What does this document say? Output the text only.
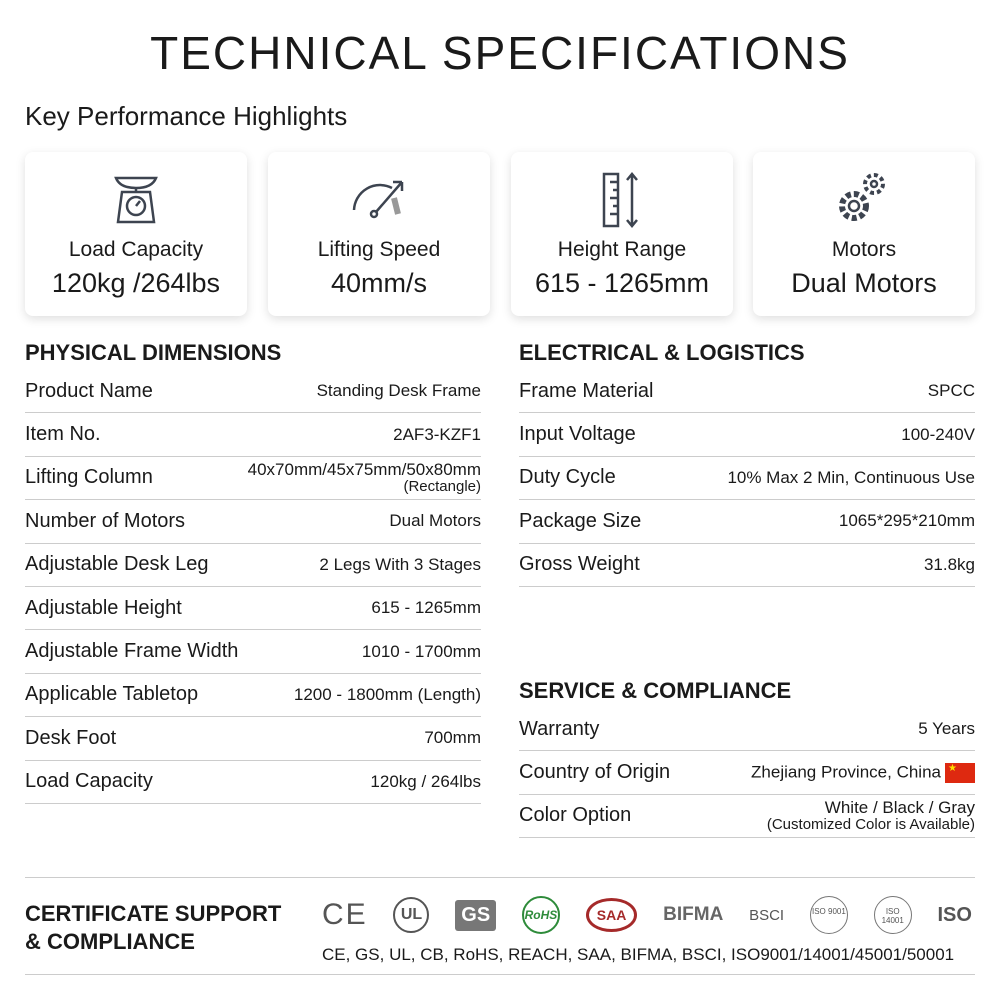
TECHNICAL SPECIFICATIONS
Key Performance Highlights
Load Capacity
120kg /264lbs
Lifting Speed
40mm/s
Height Range
615 - 1265mm
Motors
Dual Motors
PHYSICAL DIMENSIONS
Product Name	Standing Desk Frame
Item No.	2AF3-KZF1
Lifting Column	40x70mm/45x75mm/50x80mm
(Rectangle)
Number of Motors	Dual Motors
Adjustable Desk Leg	2 Legs With 3 Stages
Adjustable Height	615 - 1265mm
Adjustable Frame Width	1010 - 1700mm
Applicable Tabletop	1200 - 1800mm (Length)
Desk Foot	700mm
Load Capacity	120kg / 264lbs
ELECTRICAL & LOGISTICS
Frame Material	SPCC
Input Voltage	100-240V
Duty Cycle	10% Max 2 Min, Continuous Use
Package Size	1065*295*210mm
Gross Weight	31.8kg
SERVICE & COMPLIANCE
Warranty	5 Years
Country of Origin	Zhejiang Province, China★
Color Option	White / Black / Gray
(Customized Color is Available)
CERTIFICATE SUPPORT
& COMPLIANCE
CE	UL	GS	RoHS	SAA	BIFMA BSCI	ISO 9001	ISO 14001	ISO
CE, GS, UL, CB, RoHS, REACH, SAA, BIFMA, BSCI, ISO9001/14001/45001/50001
